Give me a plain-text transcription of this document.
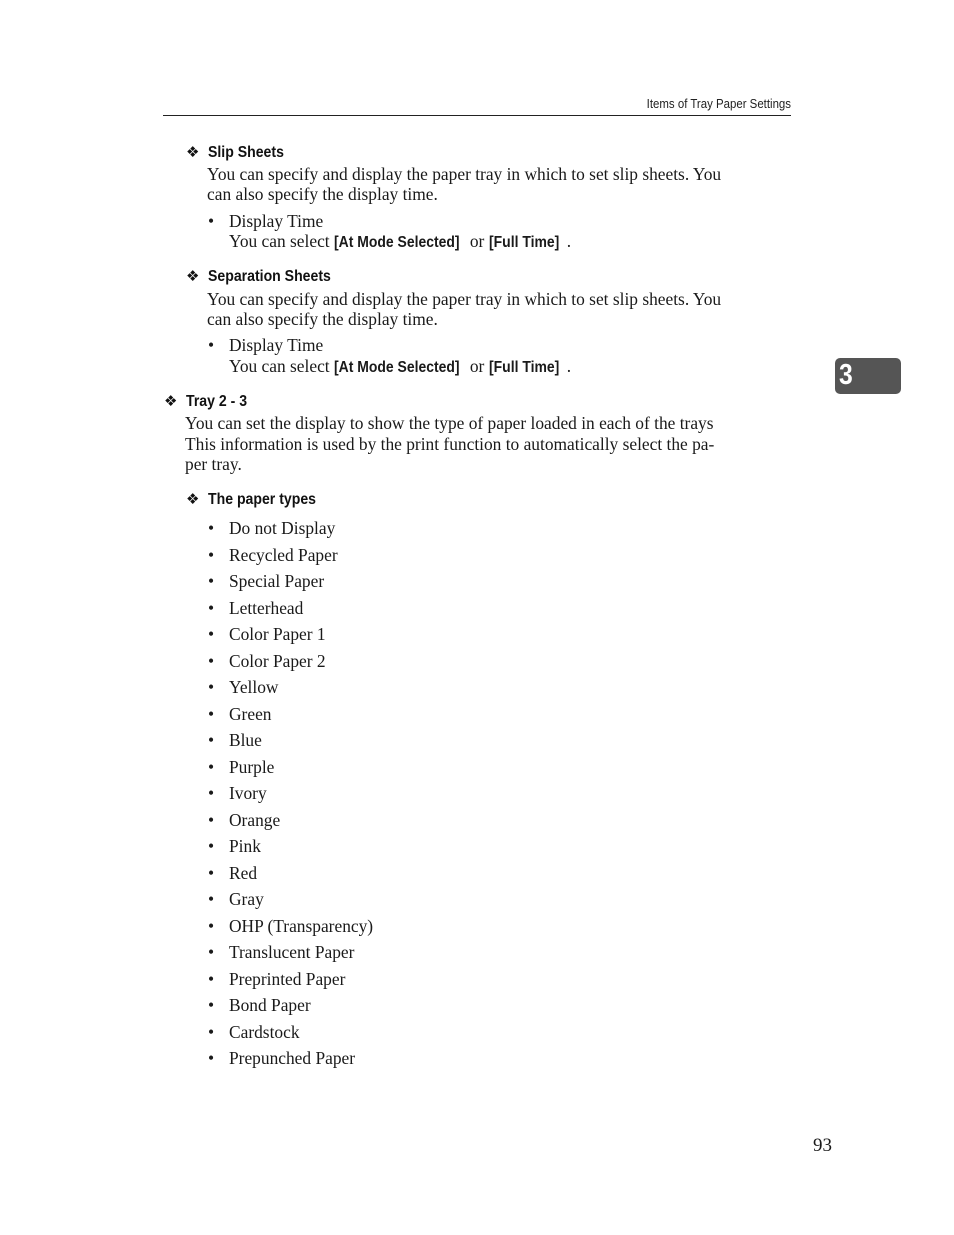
Items of Tray Paper Settings
❖ Slip Sheets
You can specify and display the paper tray in which to set slip sheets. You
can also specify the display time.
• Display Time
You can select [At Mode Selected] or [Full Time] .
❖ Separation Sheets
You can specify and display the paper tray in which to set slip sheets. You
can also specify the display time.
• Display Time
You can select [At Mode Selected] or [Full Time] .	3
❖ Tray 2 - 3
You can set the display to show the type of paper loaded in each of the trays
This information is used by the print function to automatically select the pa-
per tray.
❖ The paper types
• Do not Display
• Recycled Paper
• Special Paper
• Letterhead
• Color Paper 1
• Color Paper 2
• Yellow
• Green
• Blue
• Purple
• Ivory
• Orange
• Pink
• Red
• Gray
• OHP (Transparency)
• Translucent Paper
• Preprinted Paper
• Bond Paper
• Cardstock
• Prepunched Paper
93
